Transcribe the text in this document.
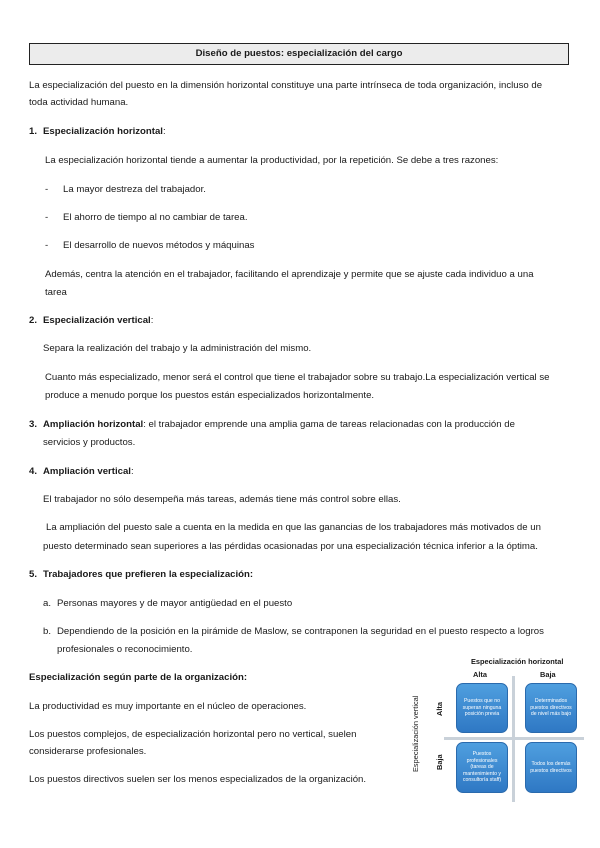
Diseño de puestos: especialización del cargo
La especialización del puesto en la dimensión horizontal constituye una parte intrínseca de toda organización, incluso de
toda actividad humana.
1. Especialización horizontal:
La especialización horizontal tiende a aumentar la productividad, por la repetición. Se debe a tres razones:
- La mayor destreza del trabajador.
- El ahorro de tiempo al no cambiar de tarea.
- El desarrollo de nuevos métodos y máquinas
Además, centra la atención en el trabajador, facilitando el aprendizaje y permite que se ajuste cada individuo a una
tarea
2. Especialización vertical:
Separa la realización del trabajo y la administración del mismo.
Cuanto más especializado, menor será el control que tiene el trabajador sobre su trabajo.La especialización vertical se
produce a menudo porque los puestos están especializados horizontalmente.
3. Ampliación horizontal: el trabajador emprende una amplia gama de tareas relacionadas con la producción de
servicios y productos.
4. Ampliación vertical:
El trabajador no sólo desempeña más tareas, además tiene más control sobre ellas.
La ampliación del puesto sale a cuenta en la medida en que las ganancias de los trabajadores más motivados de un
puesto determinado sean superiores a las pérdidas ocasionadas por una especialización técnica inferior a la óptima.
5. Trabajadores que prefieren la especialización:
a. Personas mayores y de mayor antigüedad en el puesto
b. Dependiendo de la posición en la pirámide de Maslow, se contraponen la seguridad en el puesto respecto a logros
profesionales o reconocimiento.
Especialización según parte de la organización:
La productividad es muy importante en el núcleo de operaciones.
Los puestos complejos, de especialización horizontal pero no vertical, suelen
considerarse profesionales.
Los puestos directivos suelen ser los menos especializados de la organización.
Especialización horizontal
Alta	Baja
Especialización vertical Alta
Baja
Puestos que no superan ninguna posición previa
Determinados puestos directivos de nivel más bajo
Puestos profesionales (tareas de mantenimiento y consultoría staff)
Todos los demás puestos directivos
